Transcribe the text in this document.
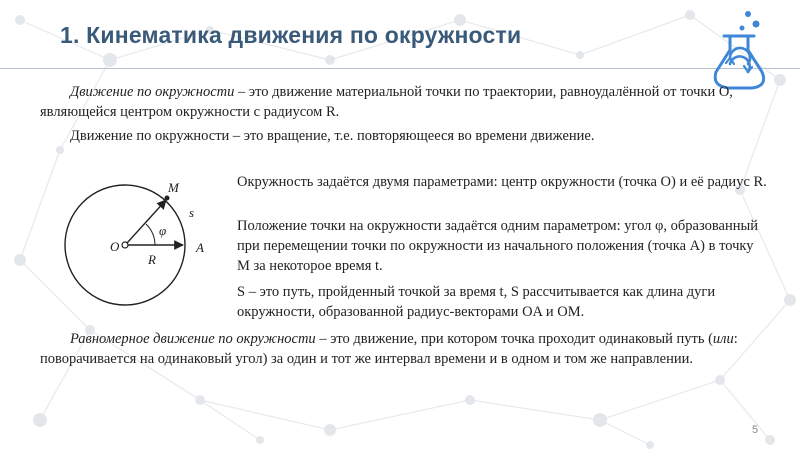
1. Кинематика движения по окружности

Движение по окружности – это движение материальной точки по траектории, равноудалённой от точки O, являющейся центром окружности с радиусом R.

Движение по окружности – это вращение, т.е. повторяющееся во времени движение.

M
A
O
R
s
φ

Окружность задаётся двумя параметрами: центр окружности (точка O) и её радиус R.

Положение точки на окружности задаётся одним параметром: угол φ, образованный при перемещении точки по окружности из начального положения (точка A) в точку M за некоторое время t.

S – это путь, пройденный точкой за время t, S рассчитывается как длина дуги окружности, образованной радиус-векторами OA и OM.

Равномерное движение по окружности – это движение, при котором точка проходит одинаковый путь (или: поворачивается на одинаковый угол) за один и тот же интервал времени и в одном и том же направлении.

5
